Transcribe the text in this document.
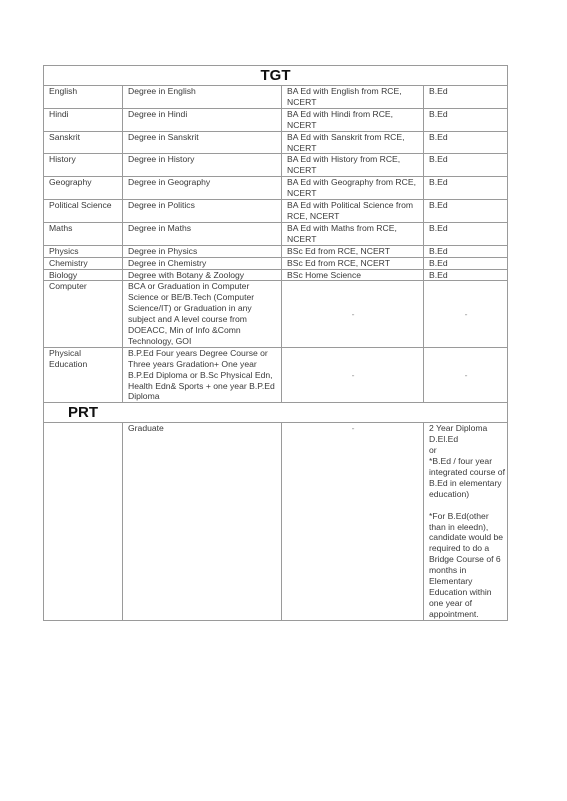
TGT			
English	Degree in English	BA Ed with English from RCE, NCERT	B.Ed
Hindi	Degree in Hindi	BA Ed with Hindi from RCE, NCERT	B.Ed
Sanskrit	Degree in Sanskrit	BA Ed with Sanskrit from RCE, NCERT	B.Ed
History	Degree in History	BA Ed with History from RCE, NCERT	B.Ed
Geography	Degree in Geography	BA Ed with Geography from RCE, NCERT	B.Ed
Political Science	Degree in Politics	BA Ed with Political Science from RCE, NCERT	B.Ed
Maths	Degree in Maths	BA Ed with Maths from RCE, NCERT	B.Ed
Physics	Degree in Physics	BSc Ed from RCE, NCERT	B.Ed
Chemistry	Degree in Chemistry	BSc Ed from RCE, NCERT	B.Ed
Biology	Degree with Botany & Zoology	BSc Home Science	B.Ed
Computer	BCA or Graduation in Computer Science or BE/B.Tech (Computer Science/IT) or Graduation in any subject and A level course from DOEACC, Min of Info &Comn Technology, GOI	-	-
Physical Education	B.P.Ed Four years Degree Course or Three years Gradation+ One year B.P.Ed Diploma or B.Sc Physical Edn, Health Edn& Sports + one year B.P.Ed Diploma	-	-
PRT			
	Graduate	-	2 Year Diploma
D.El.Ed
or
*B.Ed / four year integrated course of B.Ed in elementary education)
*For B.Ed(other than in eleedn), candidate would be required to do a Bridge Course of 6 months in Elementary Education within one year of appointment.
